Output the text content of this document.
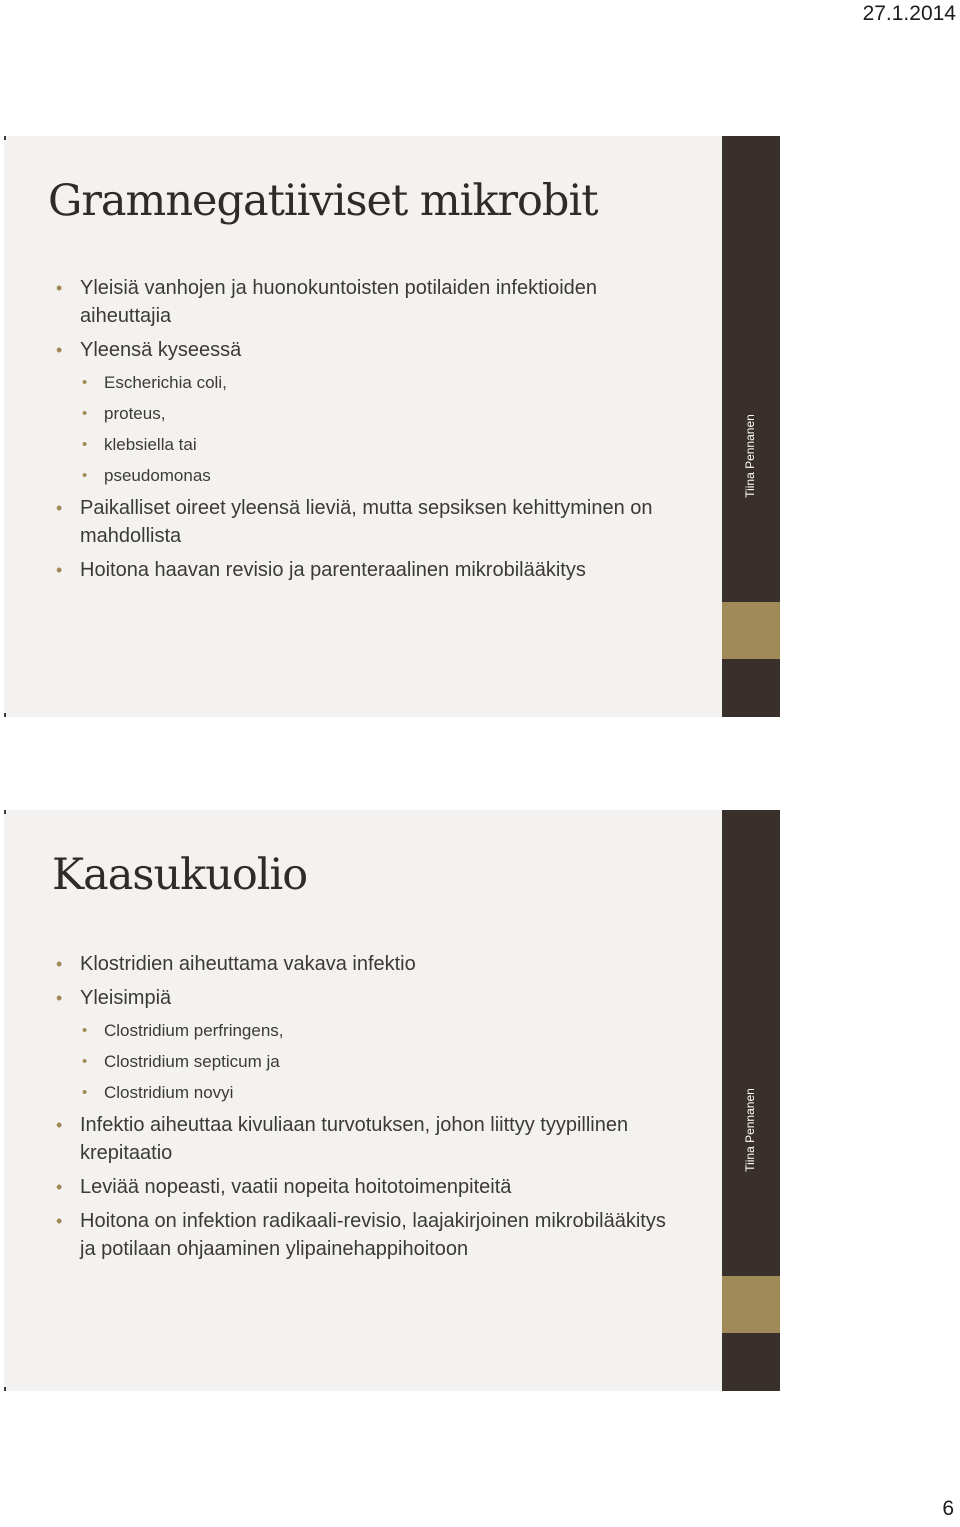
27.1.2014
Gramnegatiiviset mikrobit
• Yleisiä vanhojen ja huonokuntoisten potilaiden infektioiden aiheuttajia
• Yleensä kyseessä
• Escherichia coli,
• proteus,
• klebsiella tai
• pseudomonas
• Paikalliset oireet yleensä lieviä, mutta sepsiksen kehittyminen on mahdollista
• Hoitona haavan revisio ja parenteraalinen mikrobilääkitys
Tiina Pennanen
Kaasukuolio
• Klostridien aiheuttama vakava infektio
• Yleisimpiä
• Clostridium perfringens,
• Clostridium septicum ja
• Clostridium novyi
• Infektio aiheuttaa kivuliaan turvotuksen, johon liittyy tyypillinen krepitaatio
• Leviää nopeasti, vaatii nopeita hoitotoimenpiteitä
• Hoitona on infektion radikaali-revisio, laajakirjoinen mikrobilääkitys ja potilaan ohjaaminen ylipainehappihoitoon
Tiina Pennanen
6
